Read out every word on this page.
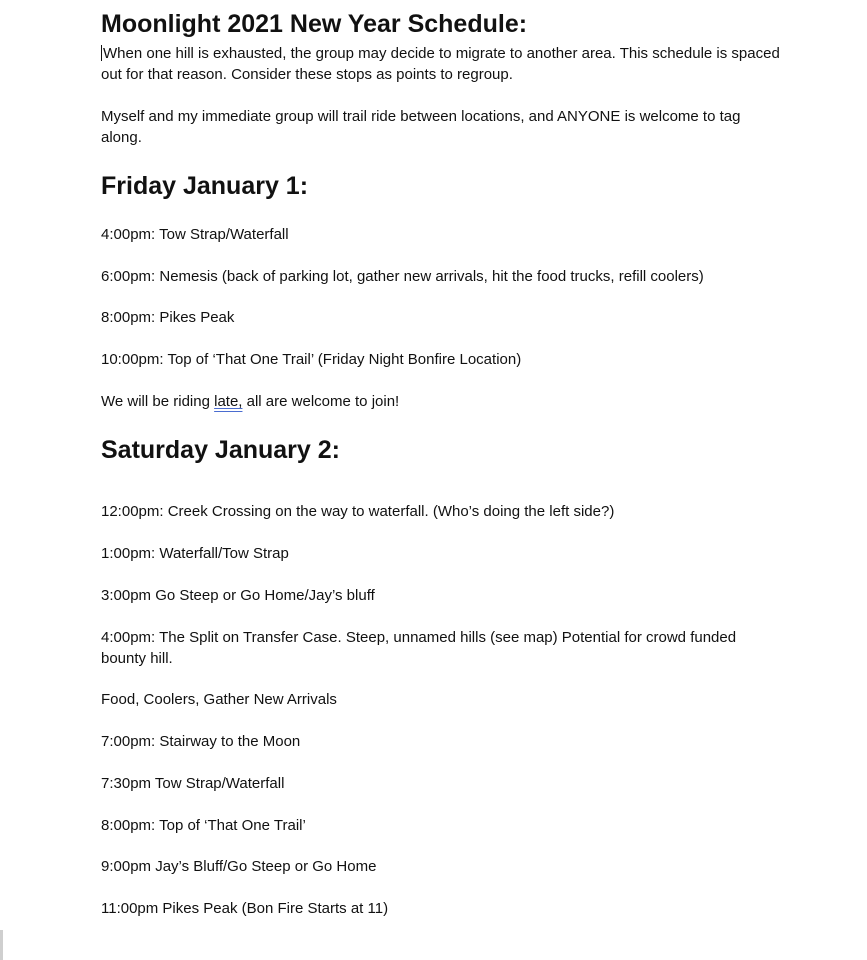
Moonlight 2021 New Year Schedule:

When one hill is exhausted, the group may decide to migrate to another area. This schedule is spaced out for that reason. Consider these stops as points to regroup.

Myself and my immediate group will trail ride between locations, and ANYONE is welcome to tag along.

Friday January 1:

4:00pm: Tow Strap/Waterfall

6:00pm: Nemesis (back of parking lot, gather new arrivals, hit the food trucks, refill coolers)

8:00pm: Pikes Peak

10:00pm: Top of ‘That One Trail’ (Friday Night Bonfire Location)

We will be riding late, all are welcome to join!

Saturday January 2:

12:00pm: Creek Crossing on the way to waterfall. (Who’s doing the left side?)

1:00pm: Waterfall/Tow Strap

3:00pm Go Steep or Go Home/Jay’s bluff

4:00pm: The Split on Transfer Case. Steep, unnamed hills (see map) Potential for crowd funded bounty hill.

Food, Coolers, Gather New Arrivals

7:00pm: Stairway to the Moon

7:30pm Tow Strap/Waterfall

8:00pm: Top of ‘That One Trail’

9:00pm Jay’s Bluff/Go Steep or Go Home

11:00pm Pikes Peak (Bon Fire Starts at 11)
